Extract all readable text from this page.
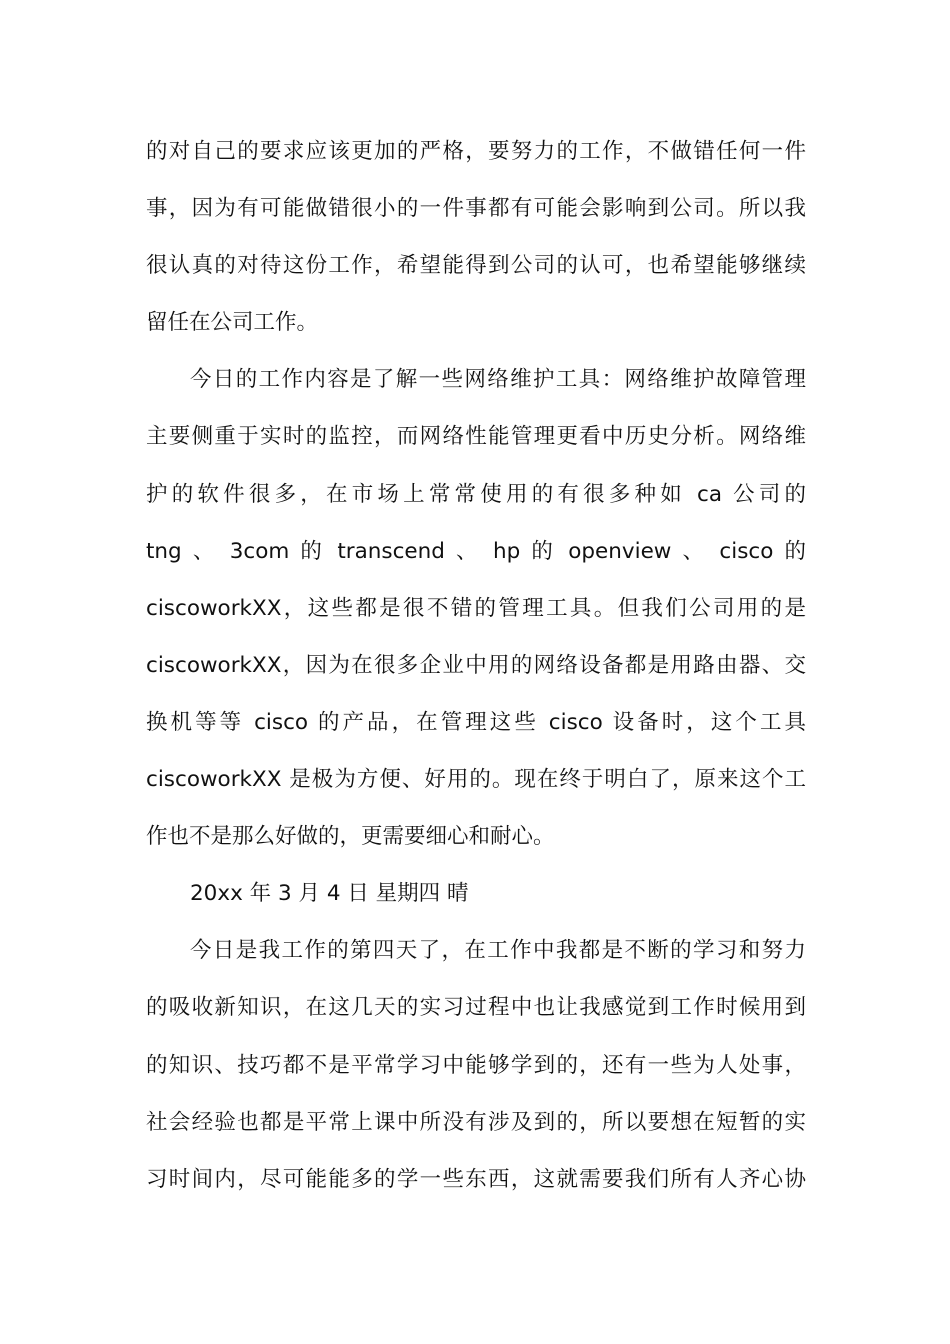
的对自己的要求应该更加的严格，要努力的工作，不做错任何一件
事，因为有可能做错很小的一件事都有可能会影响到公司。所以我
很认真的对待这份工作，希望能得到公司的认可，也希望能够继续
留任在公司工作。
今日的工作内容是了解一些网络维护工具：网络维护故障管理
主要侧重于实时的监控，而网络性能管理更看中历史分析。网络维
护的软件很多，在市场上常常使用的有很多种如 ca 公司的
tng 、 3com 的 transcend 、 hp 的 openview 、 cisco 的
ciscoworkXX，这些都是很不错的管理工具。但我们公司用的是
ciscoworkXX，因为在很多企业中用的网络设备都是用路由器、交
换机等等 cisco 的产品，在管理这些 cisco 设备时，这个工具
ciscoworkXX 是极为方便、好用的。现在终于明白了，原来这个工
作也不是那么好做的，更需要细心和耐心。
20xx 年 3 月 4 日 星期四 晴
今日是我工作的第四天了，在工作中我都是不断的学习和努力
的吸收新知识，在这几天的实习过程中也让我感觉到工作时候用到
的知识、技巧都不是平常学习中能够学到的，还有一些为人处事，
社会经验也都是平常上课中所没有涉及到的，所以要想在短暂的实
习时间内，尽可能能多的学一些东西，这就需要我们所有人齐心协
